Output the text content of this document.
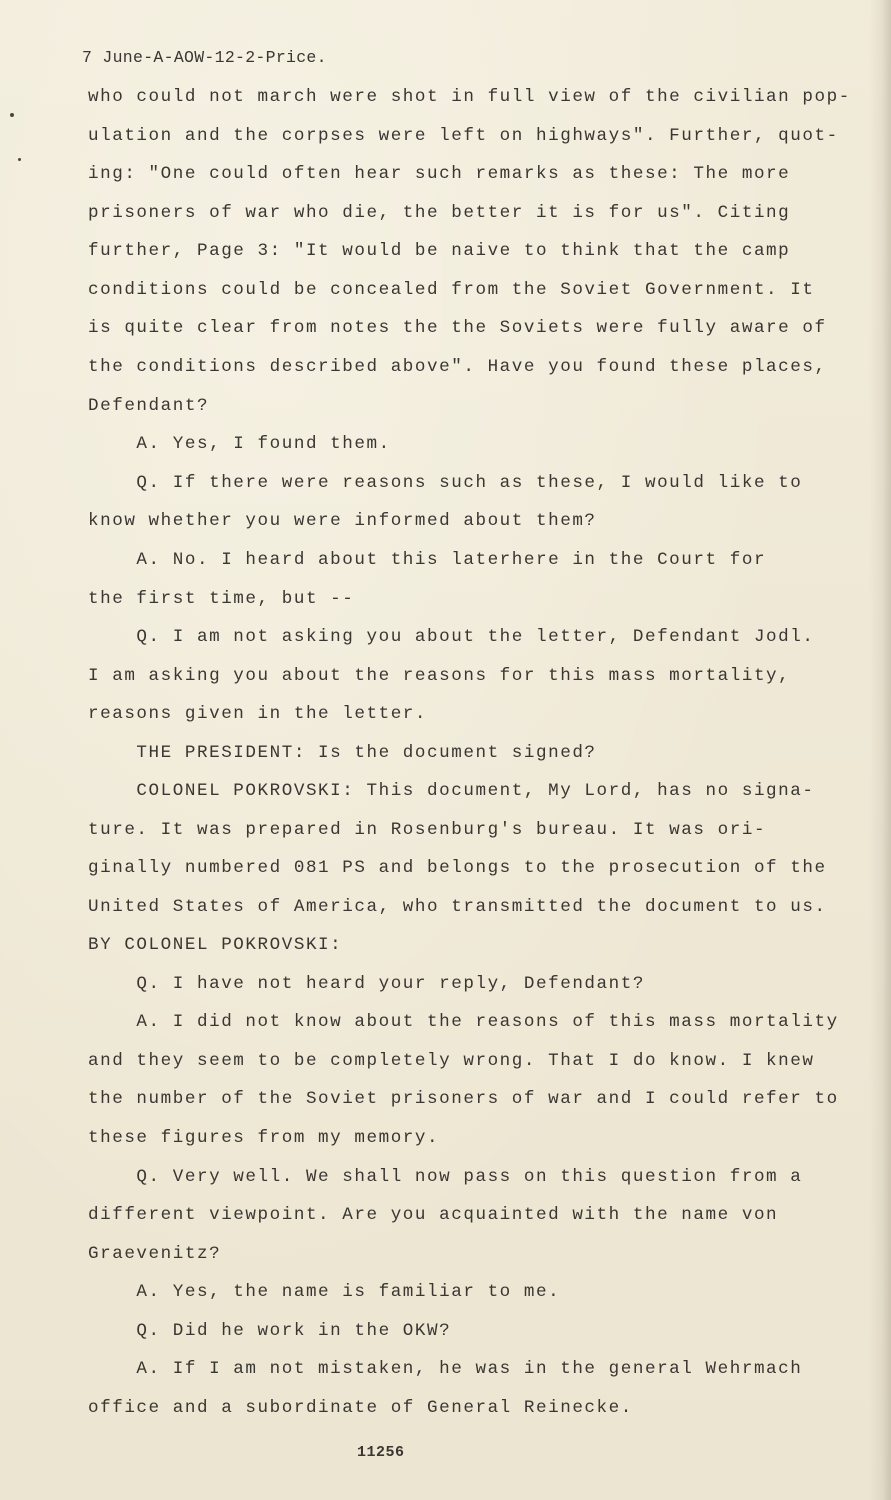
7 June-A-AOW-12-2-Price.
who could not march were shot in full view of the civilian pop-
ulation and the corpses were left on highways". Further, quot-
ing: "One could often hear such remarks as these: The more
prisoners of war who die, the better it is for us". Citing
further, Page 3: "It would be naive to think that the camp
conditions could be concealed from the Soviet Government. It
is quite clear from notes the the Soviets were fully aware of
the conditions described above". Have you found these places,
Defendant?
A. Yes, I found them.
Q. If there were reasons such as these, I would like to
know whether you were informed about them?
A. No. I heard about this laterhere in the Court for
the first time, but --
Q. I am not asking you about the letter, Defendant Jodl.
I am asking you about the reasons for this mass mortality,
reasons given in the letter.
THE PRESIDENT: Is the document signed?
COLONEL POKROVSKI: This document, My Lord, has no signa-
ture. It was prepared in Rosenburg's bureau. It was ori-
ginally numbered 081 PS and belongs to the prosecution of the
United States of America, who transmitted the document to us.
BY COLONEL POKROVSKI:
Q. I have not heard your reply, Defendant?
A. I did not know about the reasons of this mass mortality
and they seem to be completely wrong. That I do know. I knew
the number of the Soviet prisoners of war and I could refer to
these figures from my memory.
Q. Very well. We shall now pass on this question from a
different viewpoint. Are you acquainted with the name von
Graevenitz?
A. Yes, the name is familiar to me.
Q. Did he work in the OKW?
A. If I am not mistaken, he was in the general Wehrmach
office and a subordinate of General Reinecke.
11256
